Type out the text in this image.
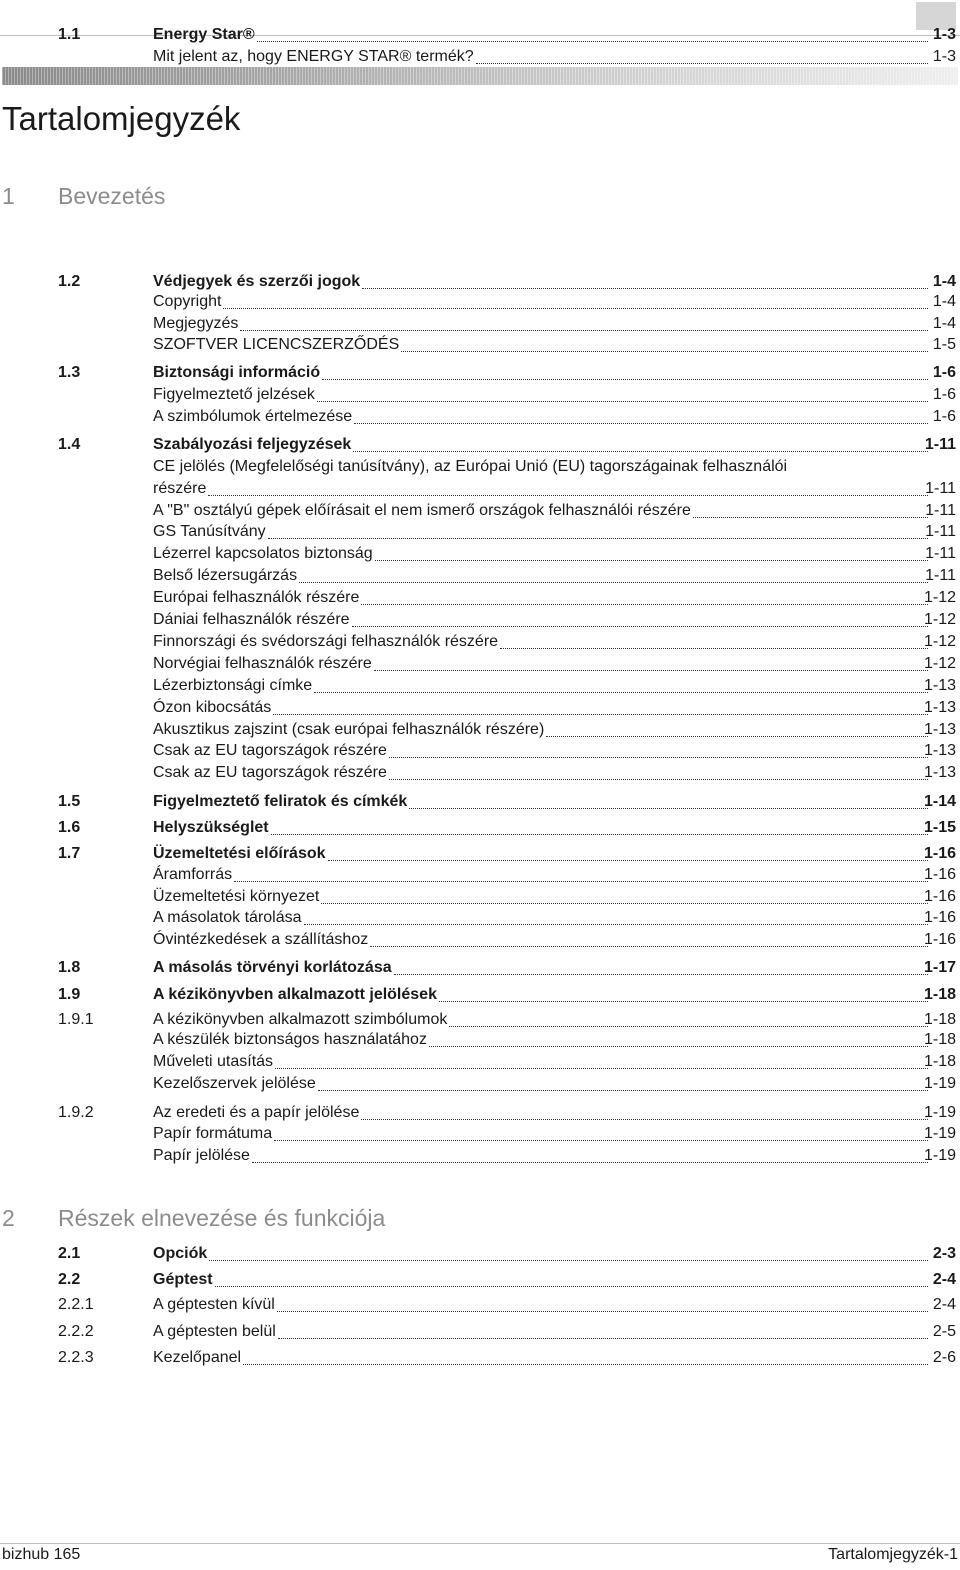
Tartalomjegyzék
1 Bevezetés
2 Részek elnevezése és funkciója
1.1	Energy Star®	1-3
Mit jelent az, hogy ENERGY STAR® termék?	1-3
1.2	Védjegyek és szerzői jogok	1-4
Copyright	1-4
Megjegyzés	1-4
SZOFTVER LICENCSZERZŐDÉS	1-5
1.3	Biztonsági információ	1-6
Figyelmeztető jelzések	1-6
A szimbólumok értelmezése	1-6
1.4	Szabályozási feljegyzések	1-11
CE jelölés (Megfelelőségi tanúsítvány), az Európai Unió (EU) tagországainak felhasználói
részére	1-11
A "B" osztályú gépek előírásait el nem ismerő országok felhasználói részére	1-11
GS Tanúsítvány	1-11
Lézerrel kapcsolatos biztonság	1-11
Belső lézersugárzás	1-11
Európai felhasználók részére	1-12
Dániai felhasználók részére	1-12
Finnországi és svédországi felhasználók részére	1-12
Norvégiai felhasználók részére	1-12
Lézerbiztonsági címke	1-13
Ózon kibocsátás	1-13
Akusztikus zajszint (csak európai felhasználók részére)	1-13
Csak az EU tagországok részére	1-13
Csak az EU tagországok részére	1-13
1.5	Figyelmeztető feliratok és címkék	1-14
1.6	Helyszükséglet	1-15
1.7	Üzemeltetési előírások	1-16
Áramforrás	1-16
Üzemeltetési környezet	1-16
A másolatok tárolása	1-16
Óvintézkedések a szállításhoz	1-16
1.8	A másolás törvényi korlátozása	1-17
1.9	A kézikönyvben alkalmazott jelölések	1-18
1.9.1	A kézikönyvben alkalmazott szimbólumok	1-18
A készülék biztonságos használatához	1-18
Műveleti utasítás	1-18
Kezelőszervek jelölése	1-19
1.9.2	Az eredeti és a papír jelölése	1-19
Papír formátuma	1-19
Papír jelölése	1-19
2.1	Opciók	2-3
2.2	Géptest	2-4
2.2.1	A géptesten kívül	2-4
2.2.2	A géptesten belül	2-5
2.2.3	Kezelőpanel	2-6
bizhub 165	Tartalomjegyzék-1
